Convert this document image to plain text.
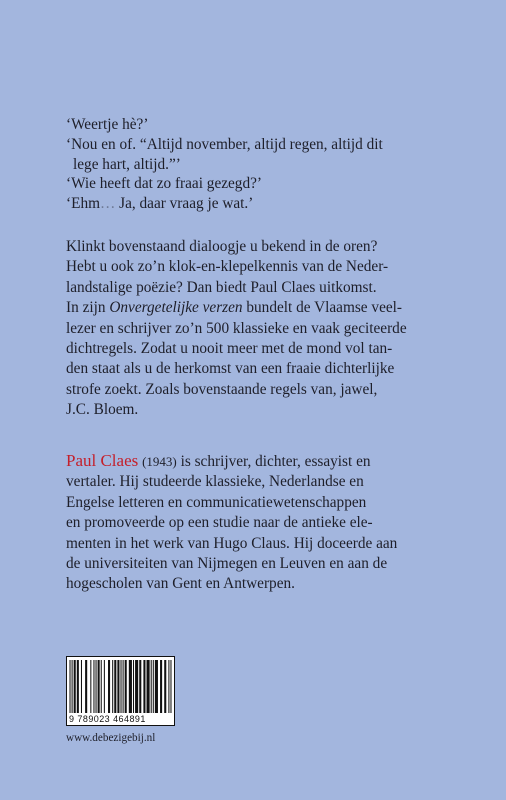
‘Weertje hè?’
‘Nou en of. “Altijd november, altijd regen, altijd dit
lege hart, altijd.”’
‘Wie heeft dat zo fraai gezegd?’
‘Ehm… Ja, daar vraag je wat.’
Klinkt bovenstaand dialoogje u bekend in de oren?
Hebt u ook zo’n klok-en-klepelkennis van de Neder-
landstalige poëzie? Dan biedt Paul Claes uitkomst.
In zijn Onvergetelijke verzen bundelt de Vlaamse veel-
lezer en schrijver zo’n 500 klassieke en vaak geciteerde
dichtregels. Zodat u nooit meer met de mond vol tan-
den staat als u de herkomst van een fraaie dichterlijke
strofe zoekt. Zoals bovenstaande regels van, jawel,
J.C. Bloem.
Paul Claes (1943) is schrijver, dichter, essayist en
vertaler. Hij studeerde klassieke, Nederlandse en
Engelse letteren en communicatiewetenschappen
en promoveerde op een studie naar de antieke ele-
menten in het werk van Hugo Claus. Hij doceerde aan
de universiteiten van Nijmegen en Leuven en aan de
hogescholen van Gent en Antwerpen.
9 789023 464891
www.debezigebij.nl
